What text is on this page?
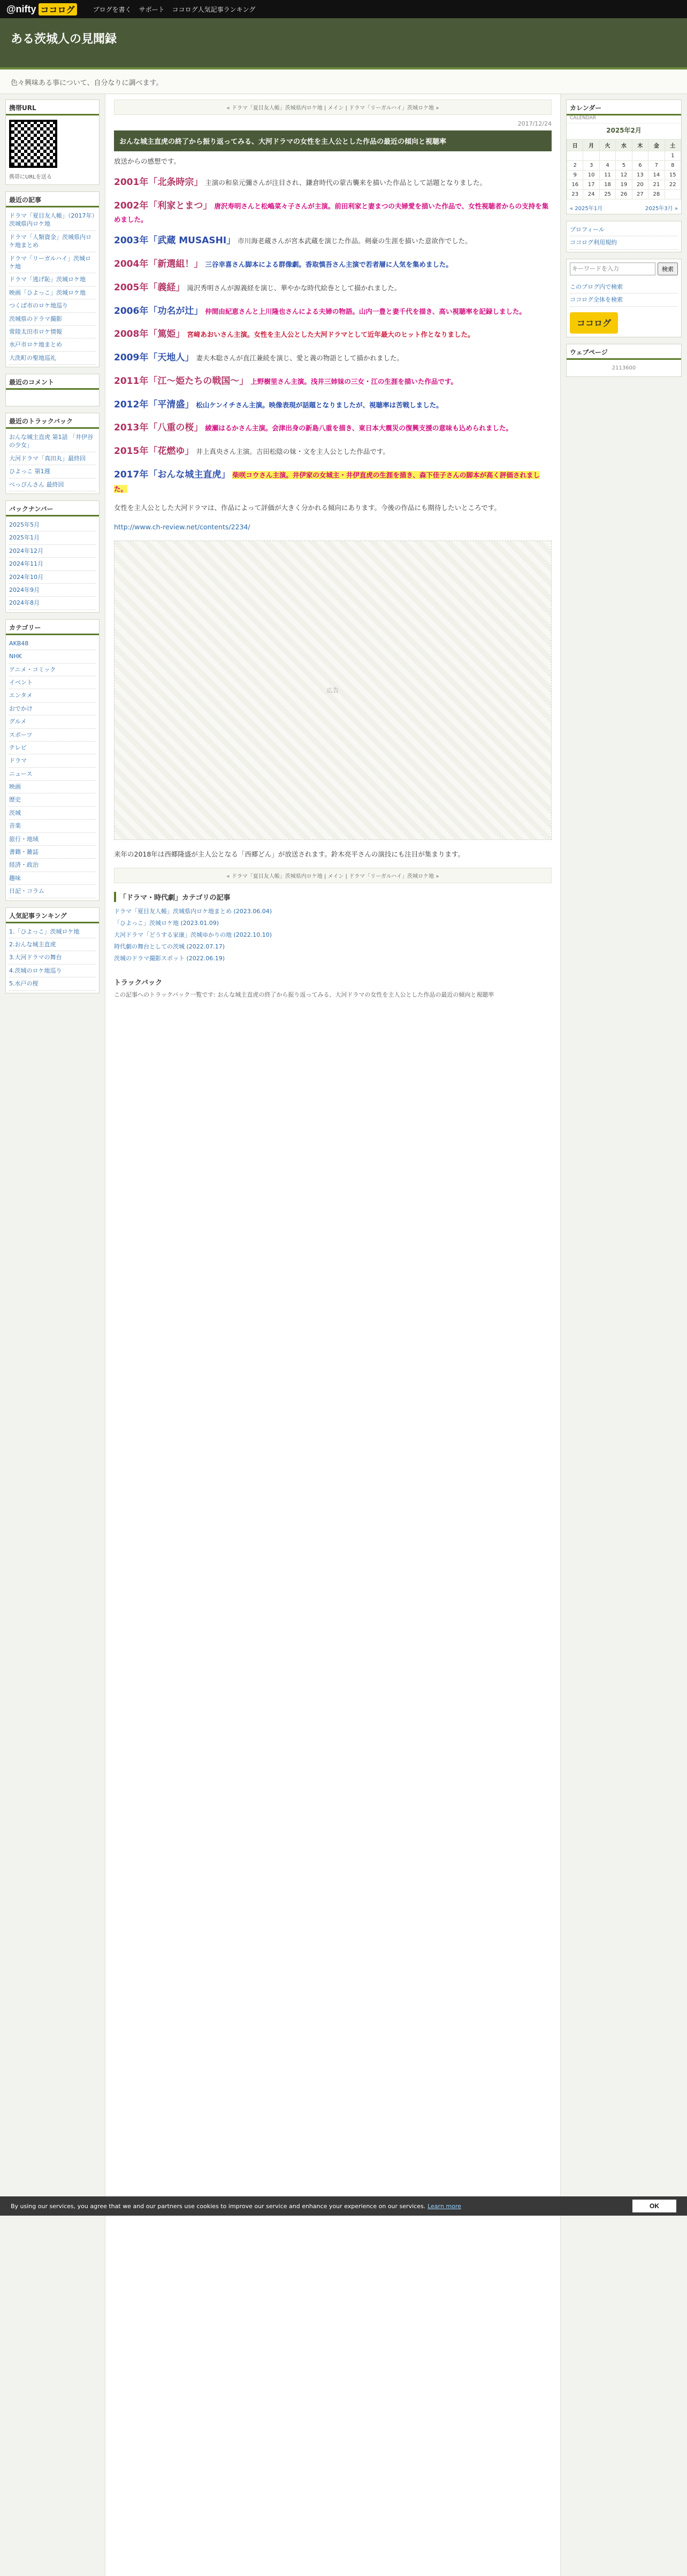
@nifty ココログ	ブログを書く サポート ココログ人気記事ランキング
ある茨城人の見聞録
色々興味ある事について、自分なりに調べます。
携帯URL
携帯にURLを送る
最近の記事
ドラマ「夏目友人帳」（2017年）茨城県内ロケ地
ドラマ「人類資金」茨城県内ロケ地まとめ
ドラマ「リーガルハイ」茨城ロケ地
ドラマ「逃げ恥」茨城ロケ地
映画「ひよっこ」茨城ロケ地
つくば市のロケ地巡り
茨城県のドラマ撮影
常陸太田市ロケ情報
水戸市ロケ地まとめ
大洗町の聖地巡礼
最近のコメント
最近のトラックバック
おんな城主直虎 第1話 「井伊谷の少女」
大河ドラマ「真田丸」最終回
ひよっこ 第1週
べっぴんさん 最終回
バックナンバー
2025年5月
2025年1月
2024年12月
2024年11月
2024年10月
2024年9月
2024年8月
カテゴリー
AKB48
NHK
アニメ・コミック
イベント
エンタメ
おでかけ
グルメ
スポーツ
テレビ
ドラマ
ニュース
映画
歴史
茨城
音楽
旅行・地域
書籍・雑誌
経済・政治
趣味
日記・コラム
人気記事ランキング
1.「ひよっこ」茨城ロケ地
2.おんな城主直虎
3.大河ドラマの舞台
4.茨城のロケ地巡り
5.水戸の桜
« ドラマ「夏目友人帳」茨城県内ロケ地 | メイン | ドラマ「リーガルハイ」茨城ロケ地 »
2017/12/24
おんな城主直虎の終了から振り返ってみる、大河ドラマの女性を主人公とした作品の最近の傾向と視聴率

放送からの感想です。

2001年「北条時宗」 主演の和泉元彌さんが注目され、鎌倉時代の蒙古襲来を描いた作品として話題となりました。

2002年「利家とまつ」 唐沢寿明さんと松嶋菜々子さんが主演。前田利家と妻まつの夫婦愛を描いた作品で、女性視聴者からの支持を集めました。

2003年「武蔵 MUSASHI」 市川海老蔵さんが宮本武蔵を演じた作品。剣豪の生涯を描いた意欲作でした。

2004年「新選組！」 三谷幸喜さん脚本による群像劇。香取慎吾さん主演で若者層に人気を集めました。

2005年「義経」 滝沢秀明さんが源義経を演じ、華やかな時代絵巻として描かれました。

2006年「功名が辻」 仲間由紀恵さんと上川隆也さんによる夫婦の物語。山内一豊と妻千代を描き、高い視聴率を記録しました。

2008年「篤姫」 宮﨑あおいさん主演。女性を主人公とした大河ドラマとして近年最大のヒット作となりました。

2009年「天地人」 妻夫木聡さんが直江兼続を演じ、愛と義の物語として描かれました。

2011年「江〜姫たちの戦国〜」 上野樹里さん主演。浅井三姉妹の三女・江の生涯を描いた作品です。

2012年「平清盛」 松山ケンイチさん主演。映像表現が話題となりましたが、視聴率は苦戦しました。

2013年「八重の桜」 綾瀬はるかさん主演。会津出身の新島八重を描き、東日本大震災の復興支援の意味も込められました。

2015年「花燃ゆ」 井上真央さん主演。吉田松陰の妹・文を主人公とした作品です。

2017年「おんな城主直虎」 柴咲コウさん主演。井伊家の女城主・井伊直虎の生涯を描き、森下佳子さんの脚本が高く評価されました。

女性を主人公とした大河ドラマは、作品によって評価が大きく分かれる傾向にあります。今後の作品にも期待したいところです。

http://www.ch-review.net/contents/2234/

広告

来年の2018年は西郷隆盛が主人公となる「西郷どん」が放送されます。鈴木亮平さんの演技にも注目が集まります。

« ドラマ「夏目友人帳」茨城県内ロケ地 | メイン | ドラマ「リーガルハイ」茨城ロケ地 »
「ドラマ・時代劇」カテゴリの記事
ドラマ「夏目友人帳」茨城県内ロケ地まとめ (2023.06.04)
「ひよっこ」茨城ロケ地 (2023.01.09)
大河ドラマ「どうする家康」茨城ゆかりの地 (2022.10.10)
時代劇の舞台としての茨城 (2022.07.17)
茨城のドラマ撮影スポット (2022.06.19)
トラックバック

この記事へのトラックバック一覧です: おんな城主直虎の終了から振り返ってみる、大河ドラマの女性を主人公とした作品の最近の傾向と視聴率

カレンダー
CALENDAR
2025年2月
日	月	火	水	木	金	土
						1
2	3	4	5	6	7	8
9	10	11	12	13	14	15
16	17	18	19	20	21	22
23	24	25	26	27	28	
« 2025年1月	2025年3月 »
プロフィール
ココログ利用規約
キーワードを入力
検索
このブログ内で検索
ココログ全体を検索
ココログ
ウェブページ
2113600
By using our services, you agree that we and our partners use cookies to improve our service and enhance your experience on our services. Learn more	OK
